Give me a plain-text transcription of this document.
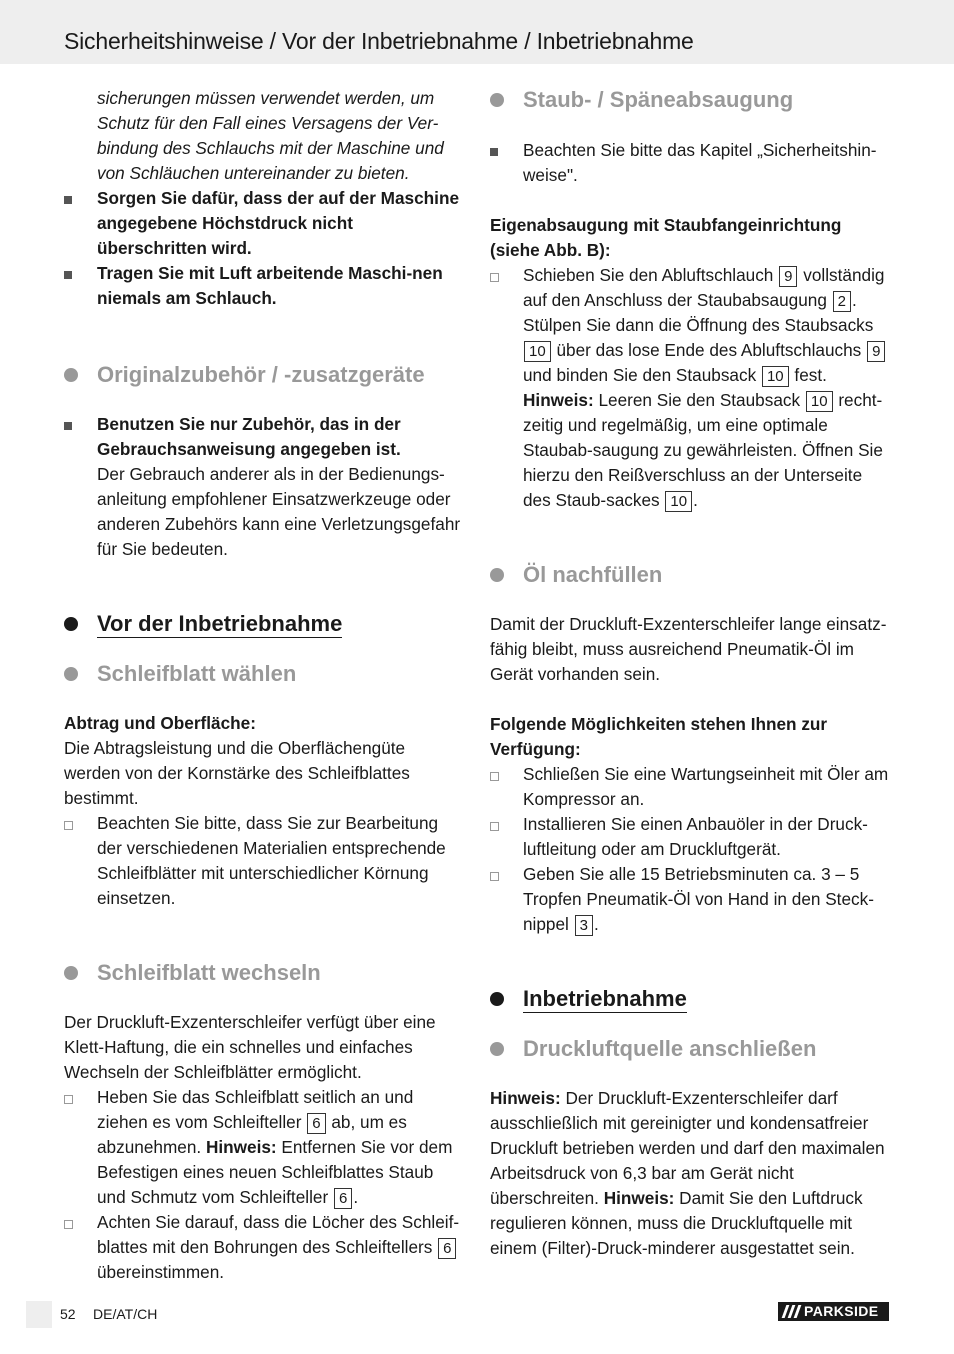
Sicherheitshinweise / Vor der Inbetriebnahme / Inbetriebnahme

sicherungen müssen verwendet werden, um Schutz für den Fall eines Versagens der Ver-bindung des Schlauchs mit der Maschine und von Schläuchen untereinander zu bieten.

Sorgen Sie dafür, dass der auf der Maschine angegebene Höchstdruck nicht überschritten wird.
Tragen Sie mit Luft arbeitende Maschi-nen niemals am Schlauch.
Originalzubehör / -zusatzgeräte
Benutzen Sie nur Zubehör, das in der Gebrauchsanweisung angegeben ist.

Der Gebrauch anderer als in der Bedienungs-anleitung empfohlener Einsatzwerkzeuge oder anderen Zubehörs kann eine Verletzungsgefahr für Sie bedeuten.

Vor der Inbetriebnahme
Schleifblatt wählen

Abtrag und Oberfläche:

Die Abtragsleistung und die Oberflächengüte werden von der Kornstärke des Schleifblattes bestimmt.

Beachten Sie bitte, dass Sie zur Bearbeitung der verschiedenen Materialien entsprechende Schleifblätter mit unterschiedlicher Körnung einsetzen.
Schleifblatt wechseln

Der Druckluft-Exzenterschleifer verfügt über eine Klett-Haftung, die ein schnelles und einfaches Wechseln der Schleifblätter ermöglicht.

Heben Sie das Schleifblatt seitlich an und ziehen es vom Schleifteller 6 ab, um es abzunehmen. Hinweis: Entfernen Sie vor dem Befestigen eines neuen Schleifblattes Staub und Schmutz vom Schleifteller 6 .
Achten Sie darauf, dass die Löcher des Schleif-blattes mit den Bohrungen des Schleiftellers 6 übereinstimmen.
Staub- / Späneabsaugung
Beachten Sie bitte das Kapitel „Sicherheitshin-weise".

Eigenabsaugung mit Staubfangeinrichtung (siehe Abb. B):

Schieben Sie den Abluftschlauch 9 vollständig auf den Anschluss der Staubabsaugung 2 . Stülpen Sie dann die Öffnung des Staubsacks 10 über das lose Ende des Abluftschlauchs 9 und binden Sie den Staubsack 10 fest. Hinweis: Leeren Sie den Staubsack 10 recht-zeitig und regelmäßig, um eine optimale Staubab-saugung zu gewährleisten. Öffnen Sie hierzu den Reißverschluss an der Unterseite des Staub-sackes 10 .
Öl nachfüllen

Damit der Druckluft-Exzenterschleifer lange einsatz-fähig bleibt, muss ausreichend Pneumatik-Öl im Gerät vorhanden sein.

Folgende Möglichkeiten stehen Ihnen zur Verfügung:

Schließen Sie eine Wartungseinheit mit Öler am Kompressor an.
Installieren Sie einen Anbauöler in der Druck-luftleitung oder am Druckluftgerät.
Geben Sie alle 15 Betriebsminuten ca. 3 – 5 Tropfen Pneumatik-Öl von Hand in den Steck-nippel 3 .
Inbetriebnahme
Druckluftquelle anschließen

Hinweis: Der Druckluft-Exzenterschleifer darf ausschließlich mit gereinigter und kondensatfreier Druckluft betrieben werden und darf den maximalen Arbeitsdruck von 6,3 bar am Gerät nicht überschreiten. Hinweis: Damit Sie den Luftdruck regulieren können, muss die Druckluftquelle mit einem (Filter)-Druck-minderer ausgestattet sein.

52 DE/AT/CH	PARKSIDE
